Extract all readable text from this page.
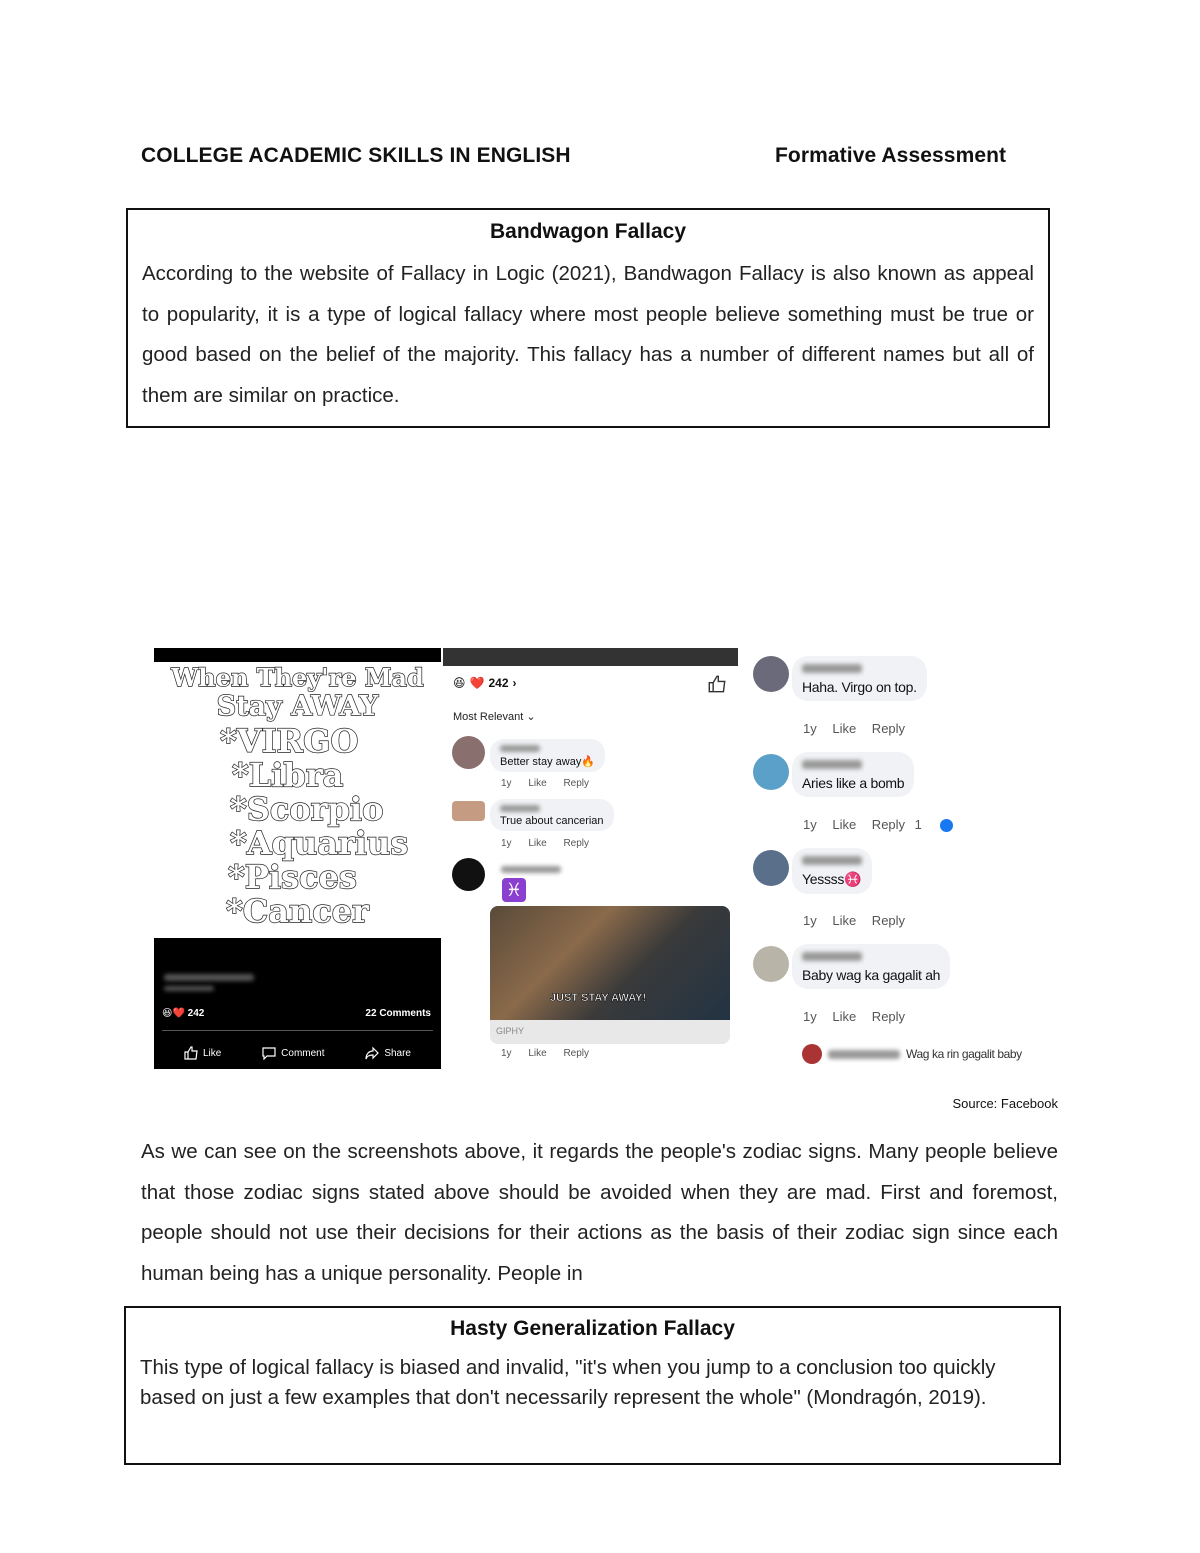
COLLEGE ACADEMIC SKILLS IN ENGLISH	Formative Assessment
Bandwagon Fallacy
According to the website of Fallacy in Logic (2021), Bandwagon Fallacy is also known as appeal to popularity, it is a type of logical fallacy where most people believe something must be true or good based on the belief of the majority. This fallacy has a number of different names but all of them are similar on practice.
When They're Mad
Stay AWAY
*VIRGO
*Libra
*Scorpio
*Aquarius
*Pisces
*Cancer
😆❤️ 242	22 Comments
Like	Comment	Share
😆 ❤️ 242 ›
Most Relevant ⌄
Better stay away🔥
1y Like Reply
True about cancerian
1y Like Reply
♓
JUST STAY AWAY!
GIPHY
1y Like Reply
Haha. Virgo on top.
1y Like Reply
Aries like a bomb
1y Like Reply 1
Yessss♓
1y Like Reply
Baby wag ka gagalit ah
1y Like Reply
Wag ka rin gagalit baby
Source: Facebook
As we can see on the screenshots above, it regards the people's zodiac signs. Many people believe that those zodiac signs stated above should be avoided when they are mad. First and foremost, people should not use their decisions for their actions as the basis of their zodiac sign since each human being has a unique personality. People in
Hasty Generalization Fallacy
This type of logical fallacy is biased and invalid, "it's when you jump to a conclusion too quickly based on just a few examples that don't necessarily represent the whole" (Mondragón, 2019).
